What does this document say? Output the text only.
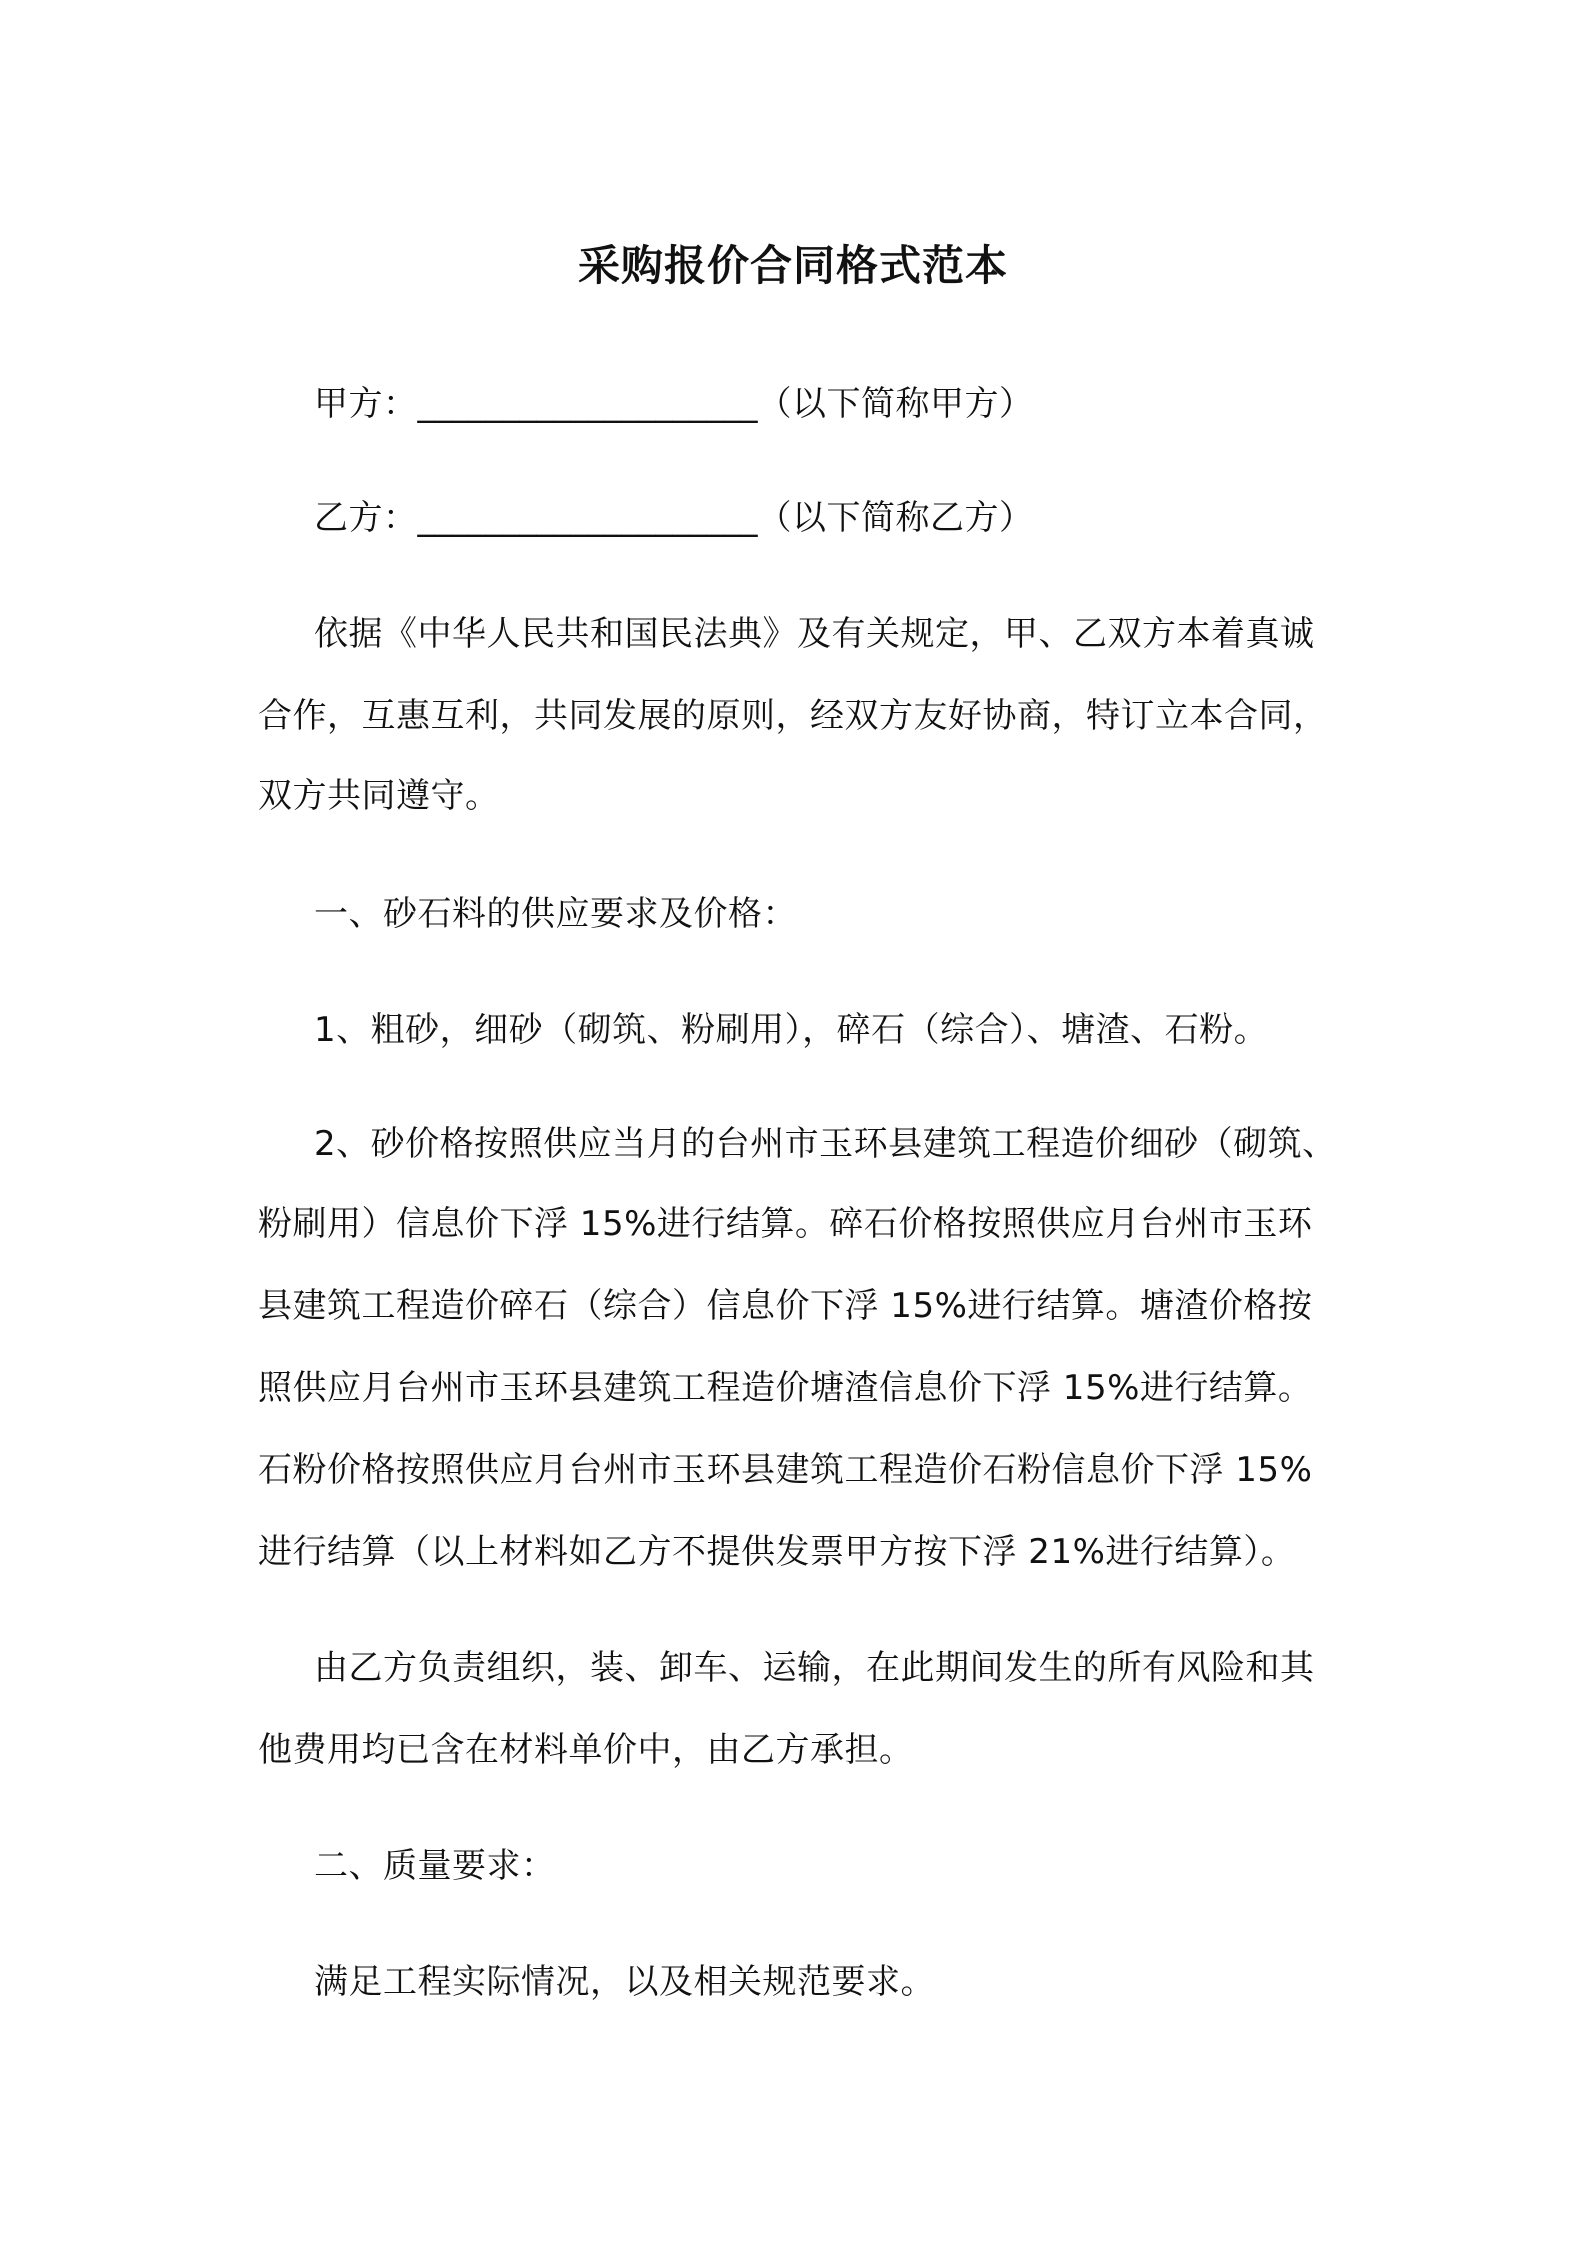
采购报价合同格式范本
甲方：____________________（以下简称甲方）
乙方：____________________（以下简称乙方）
依据《中华人民共和国民法典》及有关规定，甲、乙双方本着真诚
合作，互惠互利，共同发展的原则，经双方友好协商，特订立本合同，
双方共同遵守。
一、砂石料的供应要求及价格：
1、粗砂，细砂（砌筑、粉刷用），碎石（综合）、塘渣、石粉。
2、砂价格按照供应当月的台州市玉环县建筑工程造价细砂（砌筑、
粉刷用）信息价下浮 15%进行结算。碎石价格按照供应月台州市玉环
县建筑工程造价碎石（综合）信息价下浮 15%进行结算。塘渣价格按
照供应月台州市玉环县建筑工程造价塘渣信息价下浮 15%进行结算。
石粉价格按照供应月台州市玉环县建筑工程造价石粉信息价下浮 15%
进行结算（以上材料如乙方不提供发票甲方按下浮 21%进行结算）。
由乙方负责组织，装、卸车、运输，在此期间发生的所有风险和其
他费用均已含在材料单价中，由乙方承担。
二、质量要求：
满足工程实际情况，以及相关规范要求。
